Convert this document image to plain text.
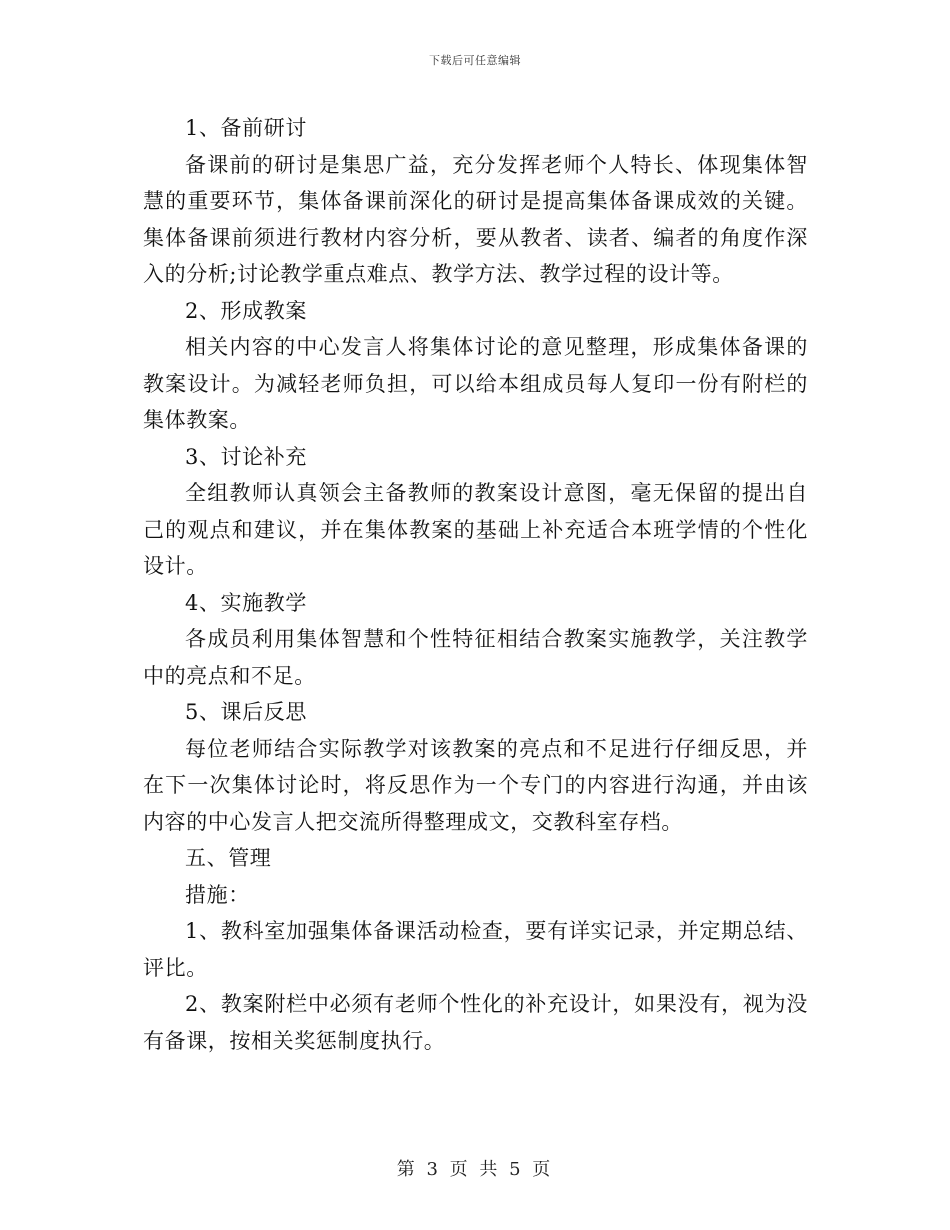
下载后可任意编辑

1、备前研讨

备课前的研讨是集思广益，充分发挥老师个人特长、体现集体智慧的重要环节，集体备课前深化的研讨是提高集体备课成效的关键。集体备课前须进行教材内容分析，要从教者、读者、编者的角度作深入的分析;讨论教学重点难点、教学方法、教学过程的设计等。

2、形成教案

相关内容的中心发言人将集体讨论的意见整理，形成集体备课的教案设计。为减轻老师负担，可以给本组成员每人复印一份有附栏的集体教案。

3、讨论补充

全组教师认真领会主备教师的教案设计意图，毫无保留的提出自己的观点和建议，并在集体教案的基础上补充适合本班学情的个性化设计。

4、实施教学

各成员利用集体智慧和个性特征相结合教案实施教学，关注教学中的亮点和不足。

5、课后反思

每位老师结合实际教学对该教案的亮点和不足进行仔细反思，并在下一次集体讨论时，将反思作为一个专门的内容进行沟通，并由该内容的中心发言人把交流所得整理成文，交教科室存档。

五、管理

措施：

1、教科室加强集体备课活动检查，要有详实记录，并定期总结、评比。

2、教案附栏中必须有老师个性化的补充设计，如果没有，视为没有备课，按相关奖惩制度执行。

第 3 页 共 5 页
